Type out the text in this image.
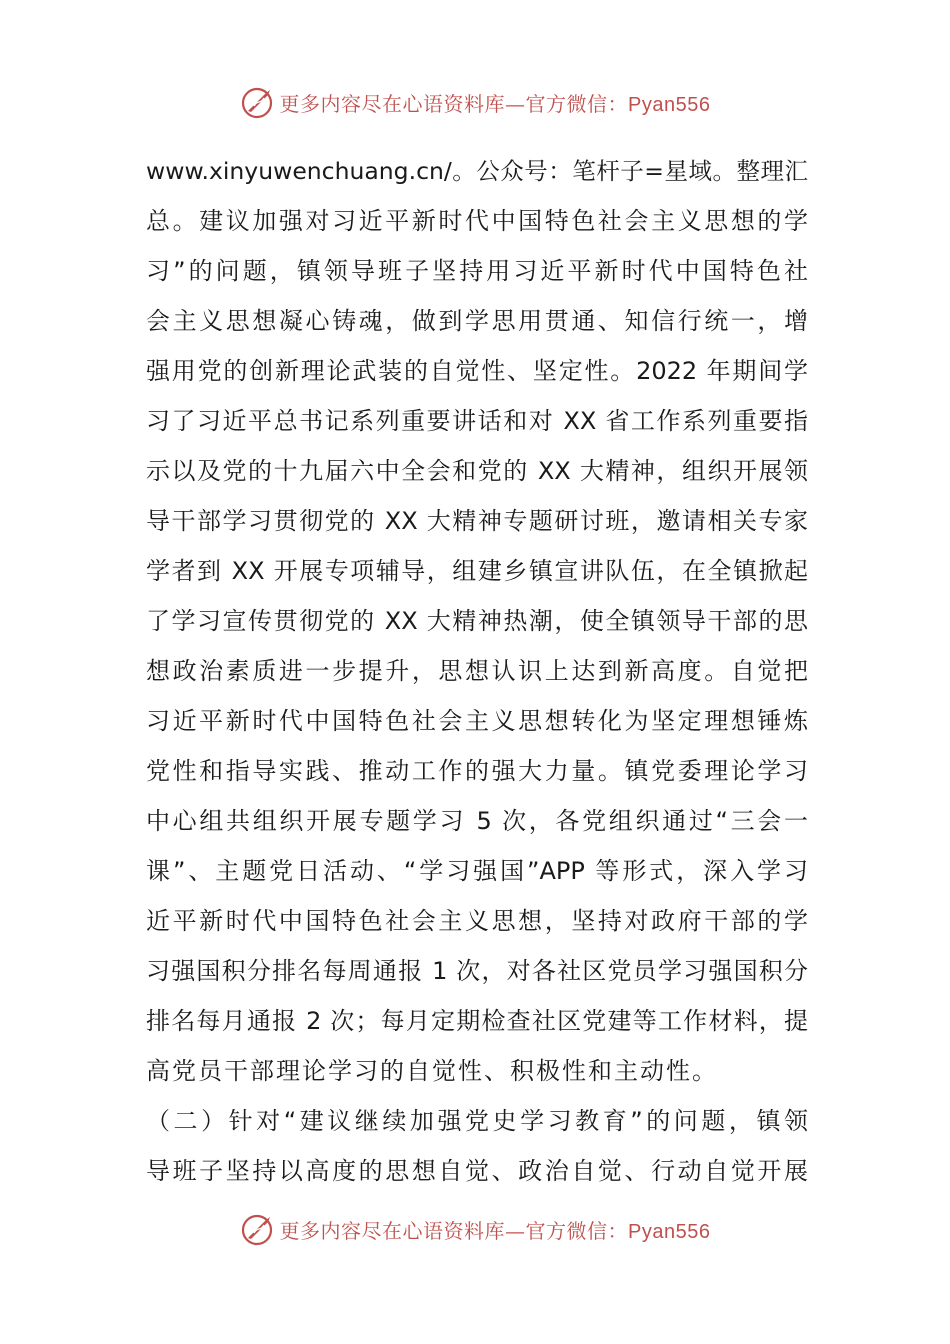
更多内容尽在心语资料库—官方微信：Pyan556
www.xinyuwenchuang.cn/。公众号：笔杆子=星域。整理汇
总。建议加强对习近平新时代中国特色社会主义思想的学
习”的问题，镇领导班子坚持用习近平新时代中国特色社
会主义思想凝心铸魂，做到学思用贯通、知信行统一，增
强用党的创新理论武装的自觉性、坚定性。2022 年期间学
习了习近平总书记系列重要讲话和对 XX 省工作系列重要指
示以及党的十九届六中全会和党的 XX 大精神，组织开展领
导干部学习贯彻党的 XX 大精神专题研讨班，邀请相关专家
学者到 XX 开展专项辅导，组建乡镇宣讲队伍，在全镇掀起
了学习宣传贯彻党的 XX 大精神热潮，使全镇领导干部的思
想政治素质进一步提升，思想认识上达到新高度。自觉把
习近平新时代中国特色社会主义思想转化为坚定理想锤炼
党性和指导实践、推动工作的强大力量。镇党委理论学习
中心组共组织开展专题学习 5 次，各党组织通过“三会一
课”、主题党日活动、“学习强国”APP 等形式，深入学习
近平新时代中国特色社会主义思想，坚持对政府干部的学
习强国积分排名每周通报 1 次，对各社区党员学习强国积分
排名每月通报 2 次；每月定期检查社区党建等工作材料，提
高党员干部理论学习的自觉性、积极性和主动性。
（二）针对“建议继续加强党史学习教育”的问题，镇领
导班子坚持以高度的思想自觉、政治自觉、行动自觉开展
更多内容尽在心语资料库—官方微信：Pyan556
